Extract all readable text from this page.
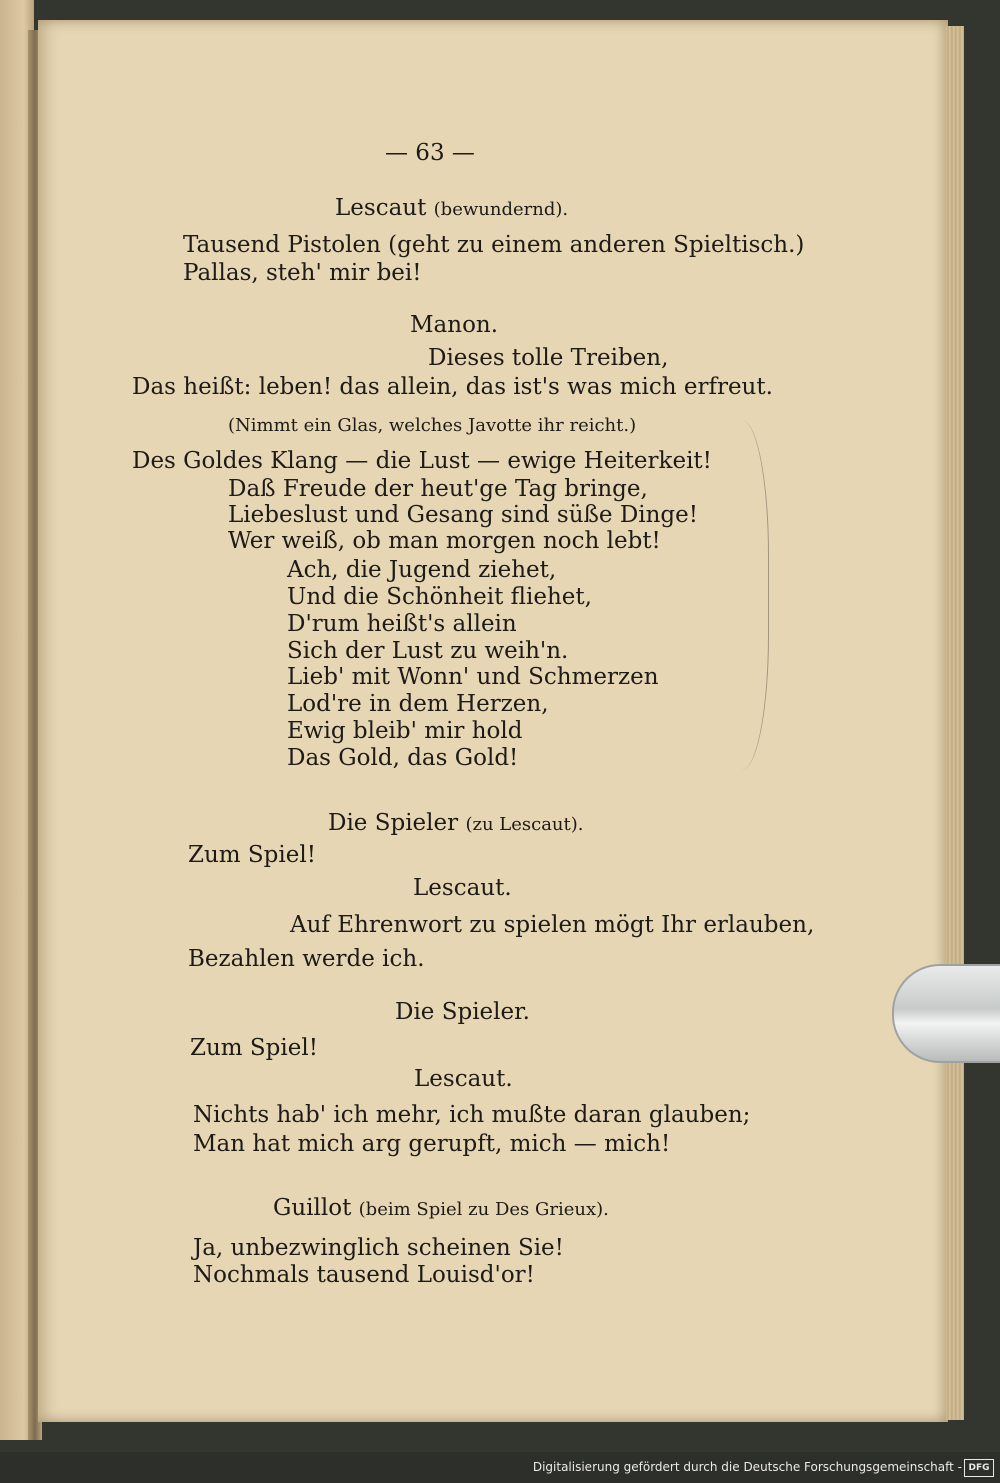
— 63 —
Lescaut (bewundernd).
Tausend Pistolen (geht zu einem anderen Spieltisch.)
Pallas, steh' mir bei!
Manon.
Dieses tolle Treiben,
Das heißt: leben! das allein, das ist's was mich erfreut.
(Nimmt ein Glas, welches Javotte ihr reicht.)
Des Goldes Klang — die Lust — ewige Heiterkeit!
Daß Freude der heut'ge Tag bringe,
Liebeslust und Gesang sind süße Dinge!
Wer weiß, ob man morgen noch lebt!
Ach, die Jugend ziehet,
Und die Schönheit fliehet,
D'rum heißt's allein
Sich der Lust zu weih'n.
Lieb' mit Wonn' und Schmerzen
Lod're in dem Herzen,
Ewig bleib' mir hold
Das Gold, das Gold!
Die Spieler (zu Lescaut).
Zum Spiel!
Lescaut.
Auf Ehrenwort zu spielen mögt Ihr erlauben,
Bezahlen werde ich.
Die Spieler.
Zum Spiel!
Lescaut.
Nichts hab' ich mehr, ich mußte daran glauben;
Man hat mich arg gerupft, mich — mich!
Guillot (beim Spiel zu Des Grieux).
Ja, unbezwinglich scheinen Sie!
Nochmals tausend Louisd'or!
Digitalisierung gefördert durch die Deutsche Forschungsgemeinschaft - DFG
